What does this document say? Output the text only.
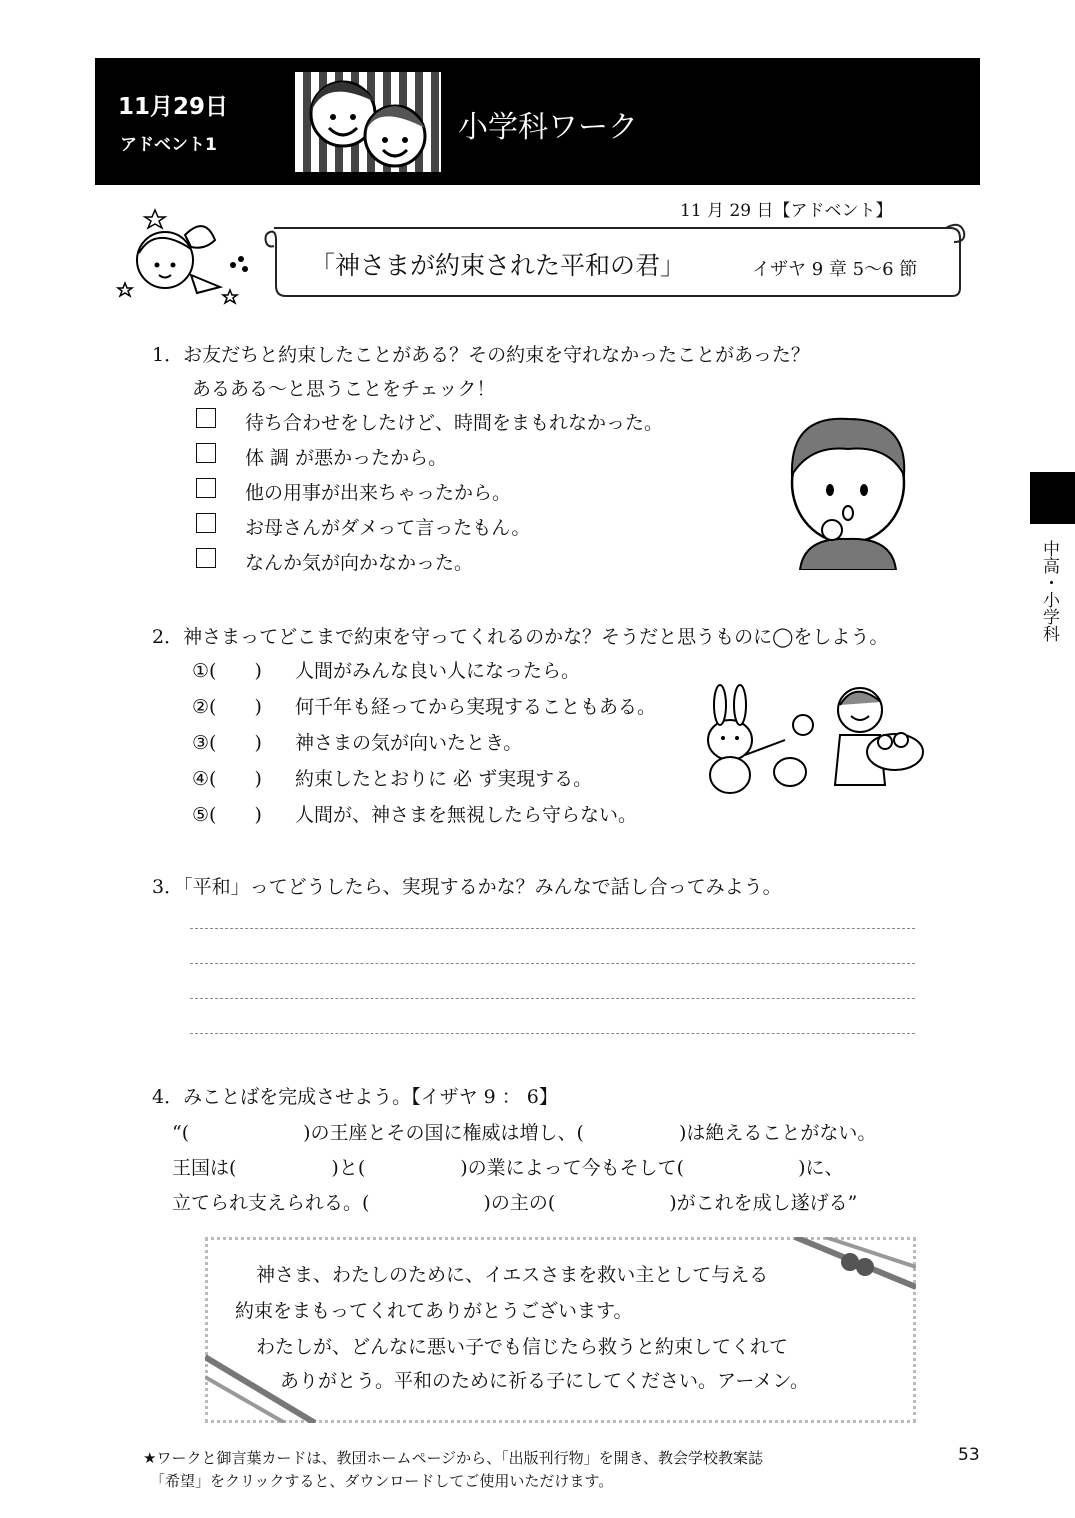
11月29日
アドベント1	小学科ワーク
11 月 29 日【アドベント】
「神さまが約束された平和の君」	イザヤ 9 章 5〜6 節
中高・小学科
1．お友だちと約束したことがある？その約束を守れなかったことがあった？
あるある〜と思うことをチェック！
待ち合わせをしたけど、時間をまもれなかった。
体 調 が悪かったから。
他の用事が出来ちゃったから。
お母さんがダメって言ったもん。
なんか気が向かなかった。
2．神さまってどこまで約束を守ってくれるのかな？そうだと思うものに◯をしよう。
①(　　) 人間がみんな良い人になったら。
②(　　) 何千年も経ってから実現することもある。
③(　　) 神さまの気が向いたとき。
④(　　) 約束したとおりに 必 ず実現する。
⑤(　　) 人間が、神さまを無視したら守らない。
3．「平和」ってどうしたら、実現するかな？みんなで話し合ってみよう。
4．みことばを完成させよう。【イザヤ 9 ： 6】
“(　　　　　　)の王座とその国に権威は増し、(　　　　　)は絶えることがない。
王国は(　　　　　)と(　　　　　)の業によって今もそして(　　　　　　)に、
立てられ支えられる。(　　　　　　)の主の(　　　　　　)がこれを成し遂げる”
神さま、わたしのために、イエスさまを救い主として与える
約束をまもってくれてありがとうございます。
わたしが、どんなに悪い子でも信じたら救うと約束してくれて
ありがとう。平和のために祈る子にしてください。アーメン。
★ワークと御言葉カードは、教団ホームページから、「出版刊行物」を開き、教会学校教案誌
「希望」をクリックすると、ダウンロードしてご使用いただけます。
53
